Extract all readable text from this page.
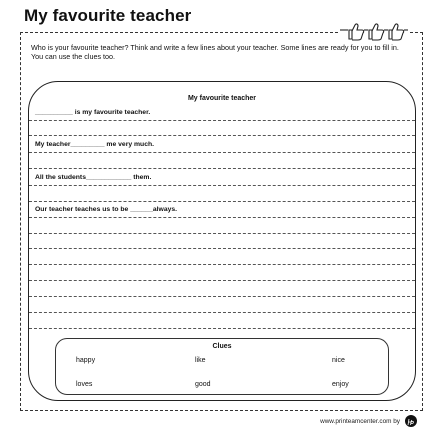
My favourite teacher

Who is your favourite teacher? Think and write a few lines about your teacher. Some lines are ready for you to fill in. You can use the clues too.

My favourite teacher

__________ is my favourite teacher.

My teacher_________ me very much.

All the students____________ them.

Our teacher teaches us to be ______always.

Clues

happy	like	nice

loves	good	enjoy

www.printeamcenter.com by
